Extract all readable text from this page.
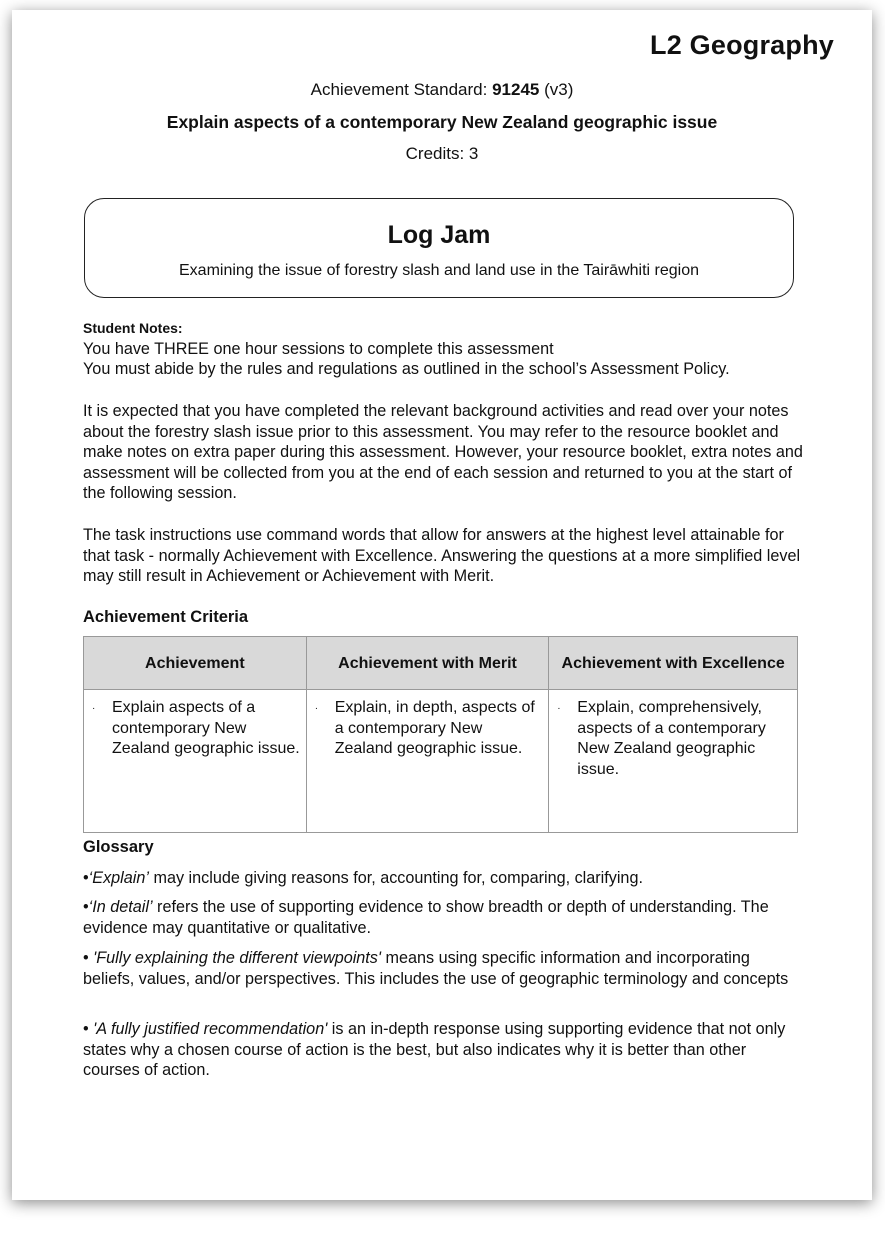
L2 Geography
Achievement Standard: 91245 (v3)
Explain aspects of a contemporary New Zealand geographic issue
Credits: 3
Log Jam
Examining the issue of forestry slash and land use in the Tairāwhiti region
Student Notes:
You have THREE one hour sessions to complete this assessment
You must abide by the rules and regulations as outlined in the school’s Assessment Policy.
It is expected that you have completed the relevant background activities and read over your notes about the forestry slash issue prior to this assessment. You may refer to the resource booklet and make notes on extra paper during this assessment. However, your resource booklet, extra notes and assessment will be collected from you at the end of each session and returned to you at the start of the following session.
The task instructions use command words that allow for answers at the highest level attainable for that task - normally Achievement with Excellence. Answering the questions at a more simplified level may still result in Achievement or Achievement with Merit.
Achievement Criteria
Achievement	Achievement with Merit	Achievement with Excellence

· Explain aspects of a contemporary New Zealand geographic issue.	· Explain, in depth, aspects of a contemporary New Zealand geographic issue.	· Explain, comprehensively, aspects of a contemporary New Zealand geographic issue.
Glossary
•‘Explain’ may include giving reasons for, accounting for, comparing, clarifying.
•‘In detail’ refers the use of supporting evidence to show breadth or depth of understanding. The evidence may quantitative or qualitative.
• 'Fully explaining the different viewpoints' means using specific information and incorporating beliefs, values, and/or perspectives. This includes the use of geographic terminology and concepts
• 'A fully justified recommendation' is an in-depth response using supporting evidence that not only states why a chosen course of action is the best, but also indicates why it is better than other courses of action.
